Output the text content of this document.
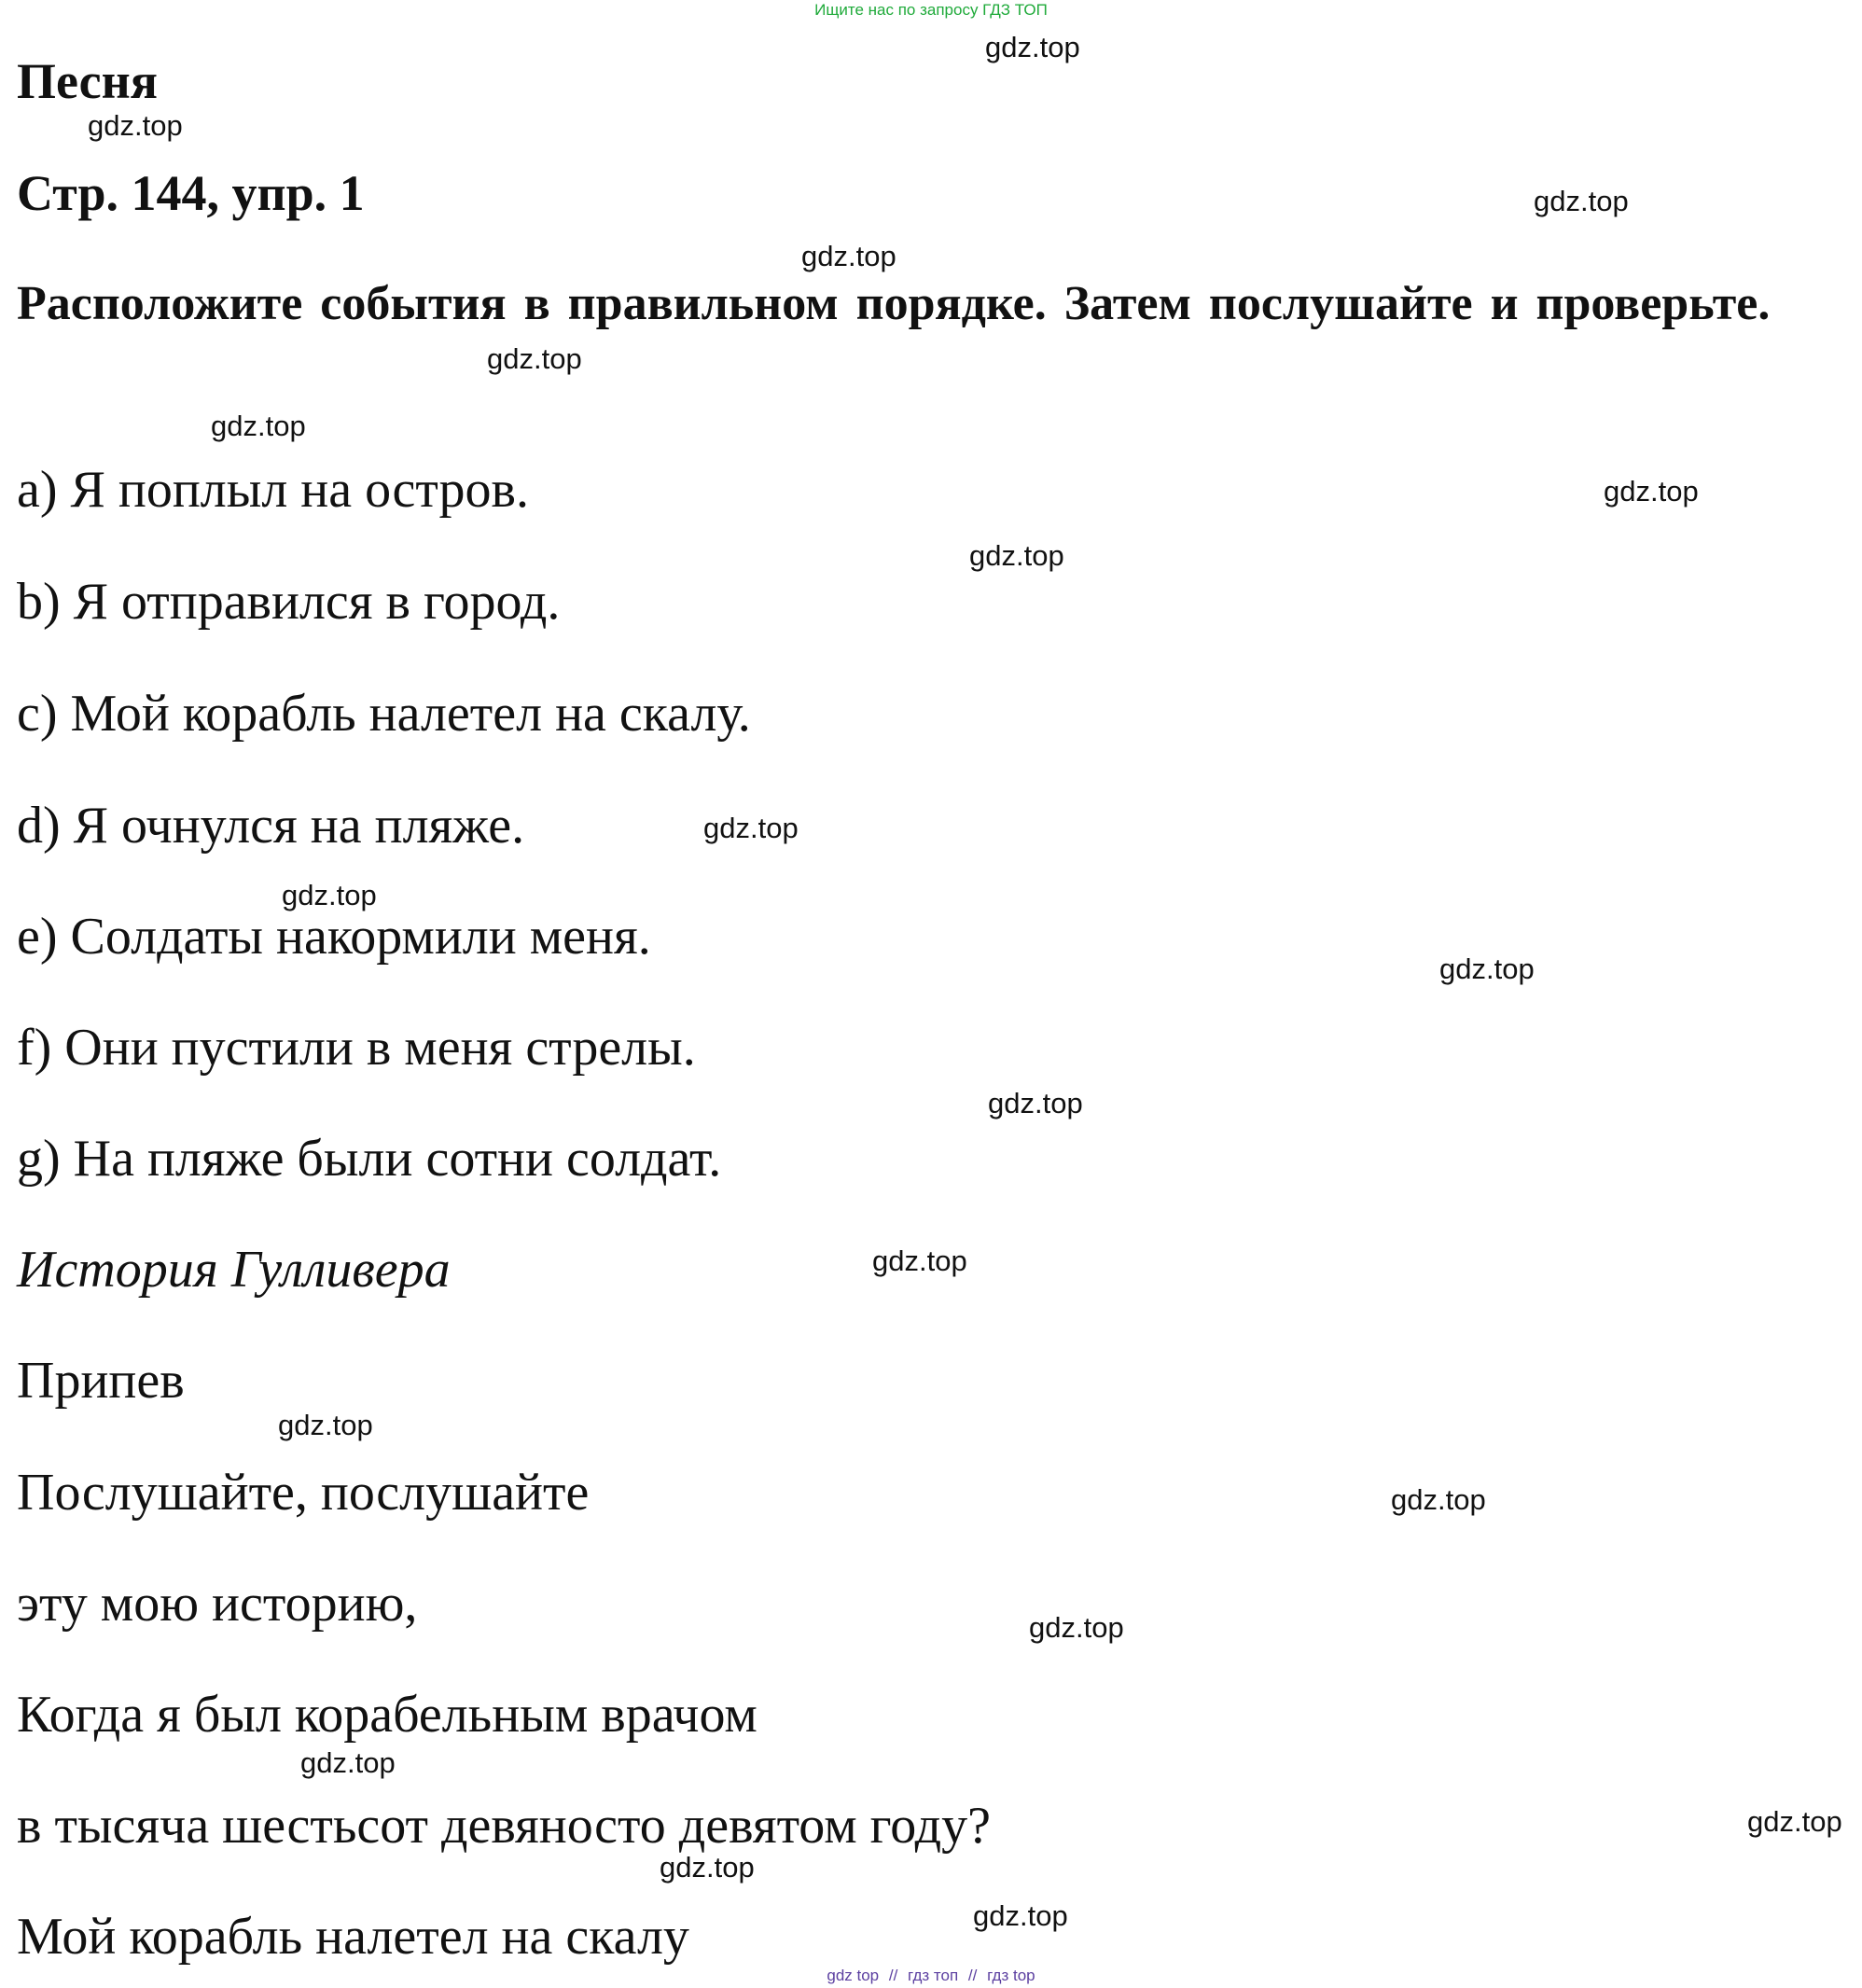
Ищите нас по запросу ГДЗ ТОП
Песня
Стр. 144, упр. 1

Расположите события в правильном порядке. Затем послушайте и проверьте.

a) Я поплыл на остров.

b) Я отправился в город.

c) Мой корабль налетел на скалу.

d) Я очнулся на пляже.

e) Солдаты накормили меня.

f) Они пустили в меня стрелы.

g) На пляже были сотни солдат.

История Гулливера

Припев

Послушайте, послушайте

эту мою историю,

Когда я был корабельным врачом

в тысяча шестьсот девяносто девятом году?

Мой корабль налетел на скалу

gdz.top
gdz.top
gdz.top
gdz.top
gdz.top
gdz.top
gdz.top
gdz.top
gdz.top
gdz.top
gdz.top
gdz.top
gdz.top
gdz.top
gdz.top
gdz.top
gdz.top
gdz.top
gdz.top
gdz.top
gdz top // гдз топ // гдз top
